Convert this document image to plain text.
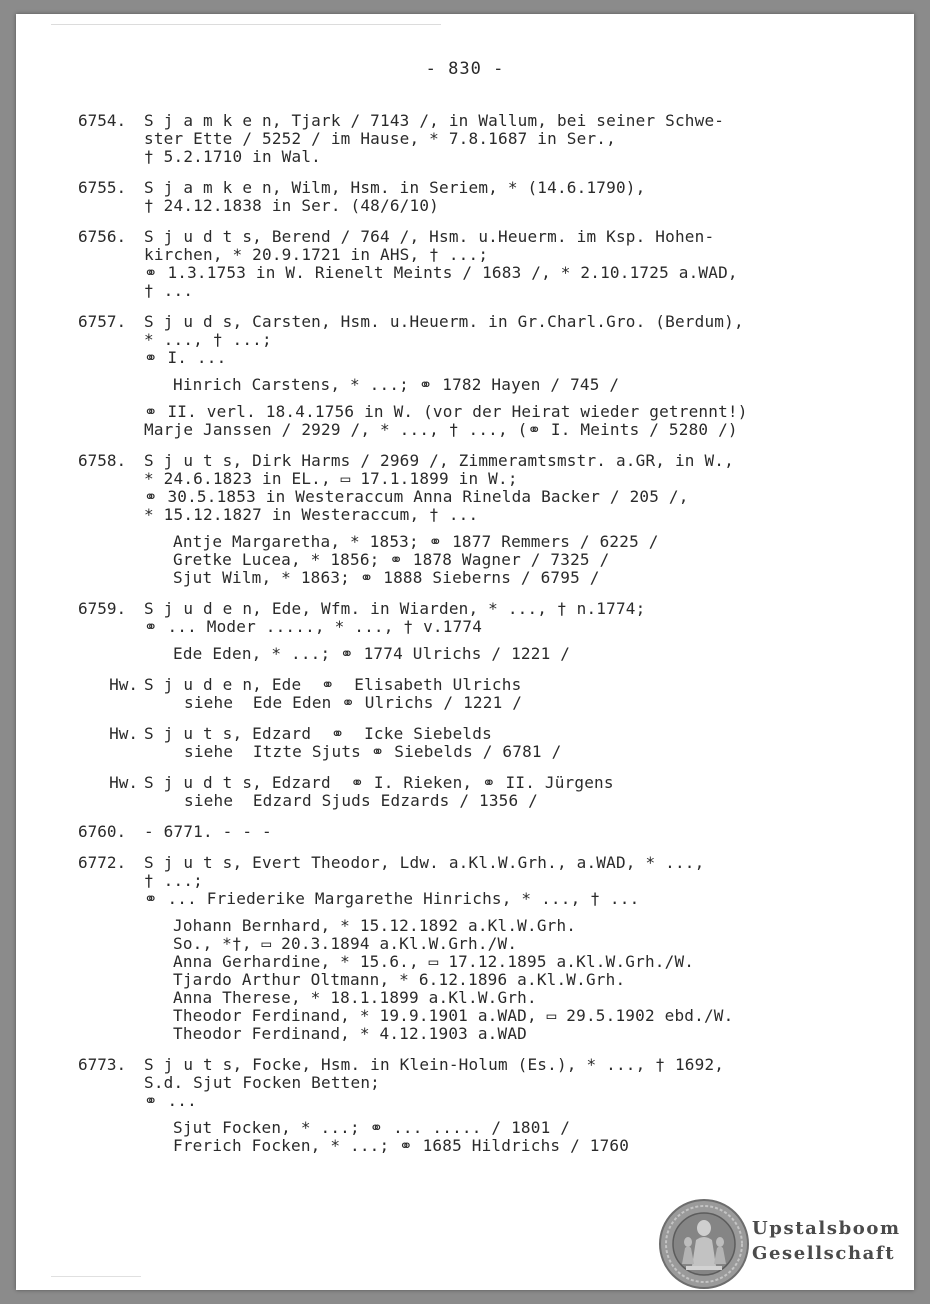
- 830 -
6754.	S j a m k e n, Tjark / 7143 /, in Wallum, bei seiner Schwe-
ster Ette / 5252 / im Hause, * 7.8.1687 in Ser.,
† 5.2.1710 in Wal.
6755.	S j a m k e n, Wilm, Hsm. in Seriem, * (14.6.1790),
† 24.12.1838 in Ser. (48/6/10)
6756.	S j u d t s, Berend / 764 /, Hsm. u.Heuerm. im Ksp. Hohen-
kirchen, * 20.9.1721 in AHS, † ...;
⚭ 1.3.1753 in W. Rienelt Meints / 1683 /, * 2.10.1725 a.WAD,
† ...
6757.	S j u d s, Carsten, Hsm. u.Heuerm. in Gr.Charl.Gro. (Berdum),
* ..., † ...;
⚭ I. ...
Hinrich Carstens, * ...; ⚭ 1782 Hayen / 745 /
⚭ II. verl. 18.4.1756 in W. (vor der Heirat wieder getrennt!)
Marje Janssen / 2929 /, * ..., † ..., (⚭ I. Meints / 5280 /)
6758.	S j u t s, Dirk Harms / 2969 /, Zimmeramtsmstr. a.GR, in W.,
* 24.6.1823 in EL., ▭ 17.1.1899 in W.;
⚭ 30.5.1853 in Westeraccum Anna Rinelda Backer / 205 /,
* 15.12.1827 in Westeraccum, † ...
Antje Margaretha, * 1853; ⚭ 1877 Remmers / 6225 /
Gretke Lucea, * 1856; ⚭ 1878 Wagner / 7325 /
Sjut Wilm, * 1863; ⚭ 1888 Sieberns / 6795 /
6759.	S j u d e n, Ede, Wfm. in Wiarden, * ..., † n.1774;
⚭ ... Moder ....., * ..., † v.1774
Ede Eden, * ...; ⚭ 1774 Ulrichs / 1221 /
Hw. S j u d e n, Ede  ⚭  Elisabeth Ulrichs
siehe  Ede Eden ⚭ Ulrichs / 1221 /
Hw. S j u t s, Edzard  ⚭  Icke Siebelds
siehe  Itzte Sjuts ⚭ Siebelds / 6781 /
Hw. S j u d t s, Edzard  ⚭ I. Rieken, ⚭ II. Jürgens
siehe  Edzard Sjuds Edzards / 1356 /
6760.	- 6771. - - -
6772.	S j u t s, Evert Theodor, Ldw. a.Kl.W.Grh., a.WAD, * ...,
† ...;
⚭ ... Friederike Margarethe Hinrichs, * ..., † ...
Johann Bernhard, * 15.12.1892 a.Kl.W.Grh.
So., *†, ▭ 20.3.1894 a.Kl.W.Grh./W.
Anna Gerhardine, * 15.6., ▭ 17.12.1895 a.Kl.W.Grh./W.
Tjardo Arthur Oltmann, * 6.12.1896 a.Kl.W.Grh.
Anna Therese, * 18.1.1899 a.Kl.W.Grh.
Theodor Ferdinand, * 19.9.1901 a.WAD, ▭ 29.5.1902 ebd./W.
Theodor Ferdinand, * 4.12.1903 a.WAD
6773.	S j u t s, Focke, Hsm. in Klein-Holum (Es.), * ..., † 1692,
S.d. Sjut Focken Betten;
⚭ ...
Sjut Focken, * ...; ⚭ ... ..... / 1801 /
Frerich Focken, * ...; ⚭ 1685 Hildrichs / 1760
Upstalsboom
Gesellschaft
